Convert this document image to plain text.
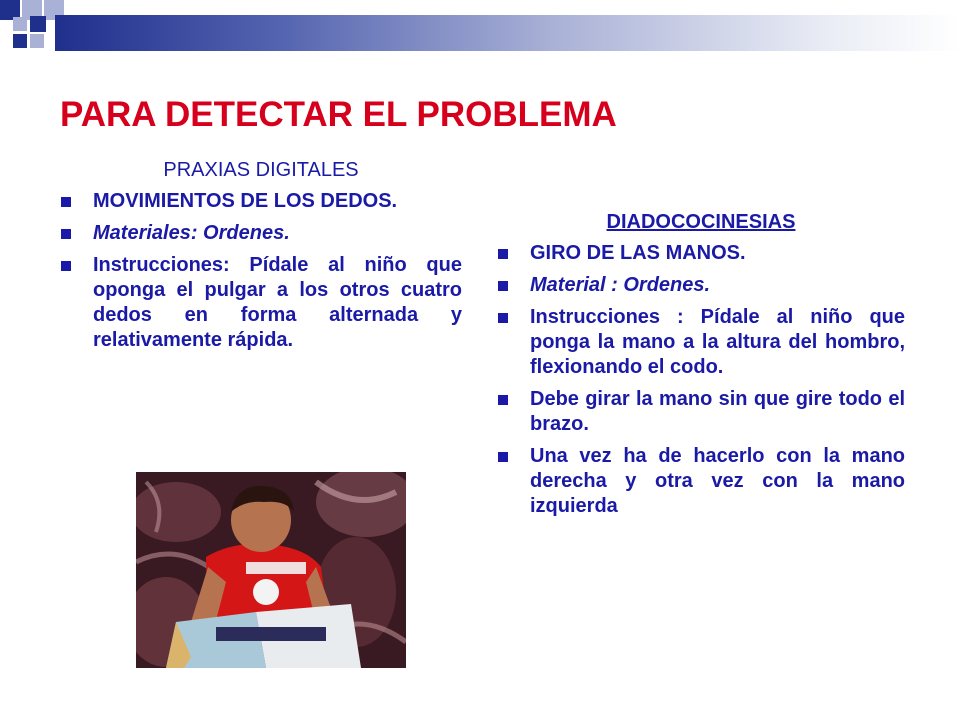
PARA DETECTAR EL PROBLEMA
PRAXIAS DIGITALES
MOVIMIENTOS DE LOS DEDOS.
Materiales: Ordenes.
Instrucciones: Pídale al niño que oponga el pulgar a los otros cuatro dedos en forma alternada y relativamente rápida.
DIADOCOCINESIAS
GIRO DE LAS MANOS.
Material : Ordenes.
Instrucciones : Pídale al niño que ponga la mano a la altura del hombro, flexionando el codo.
Debe girar la mano sin que gire todo el brazo.
Una vez ha de hacerlo con la mano derecha y otra vez con la mano izquierda
